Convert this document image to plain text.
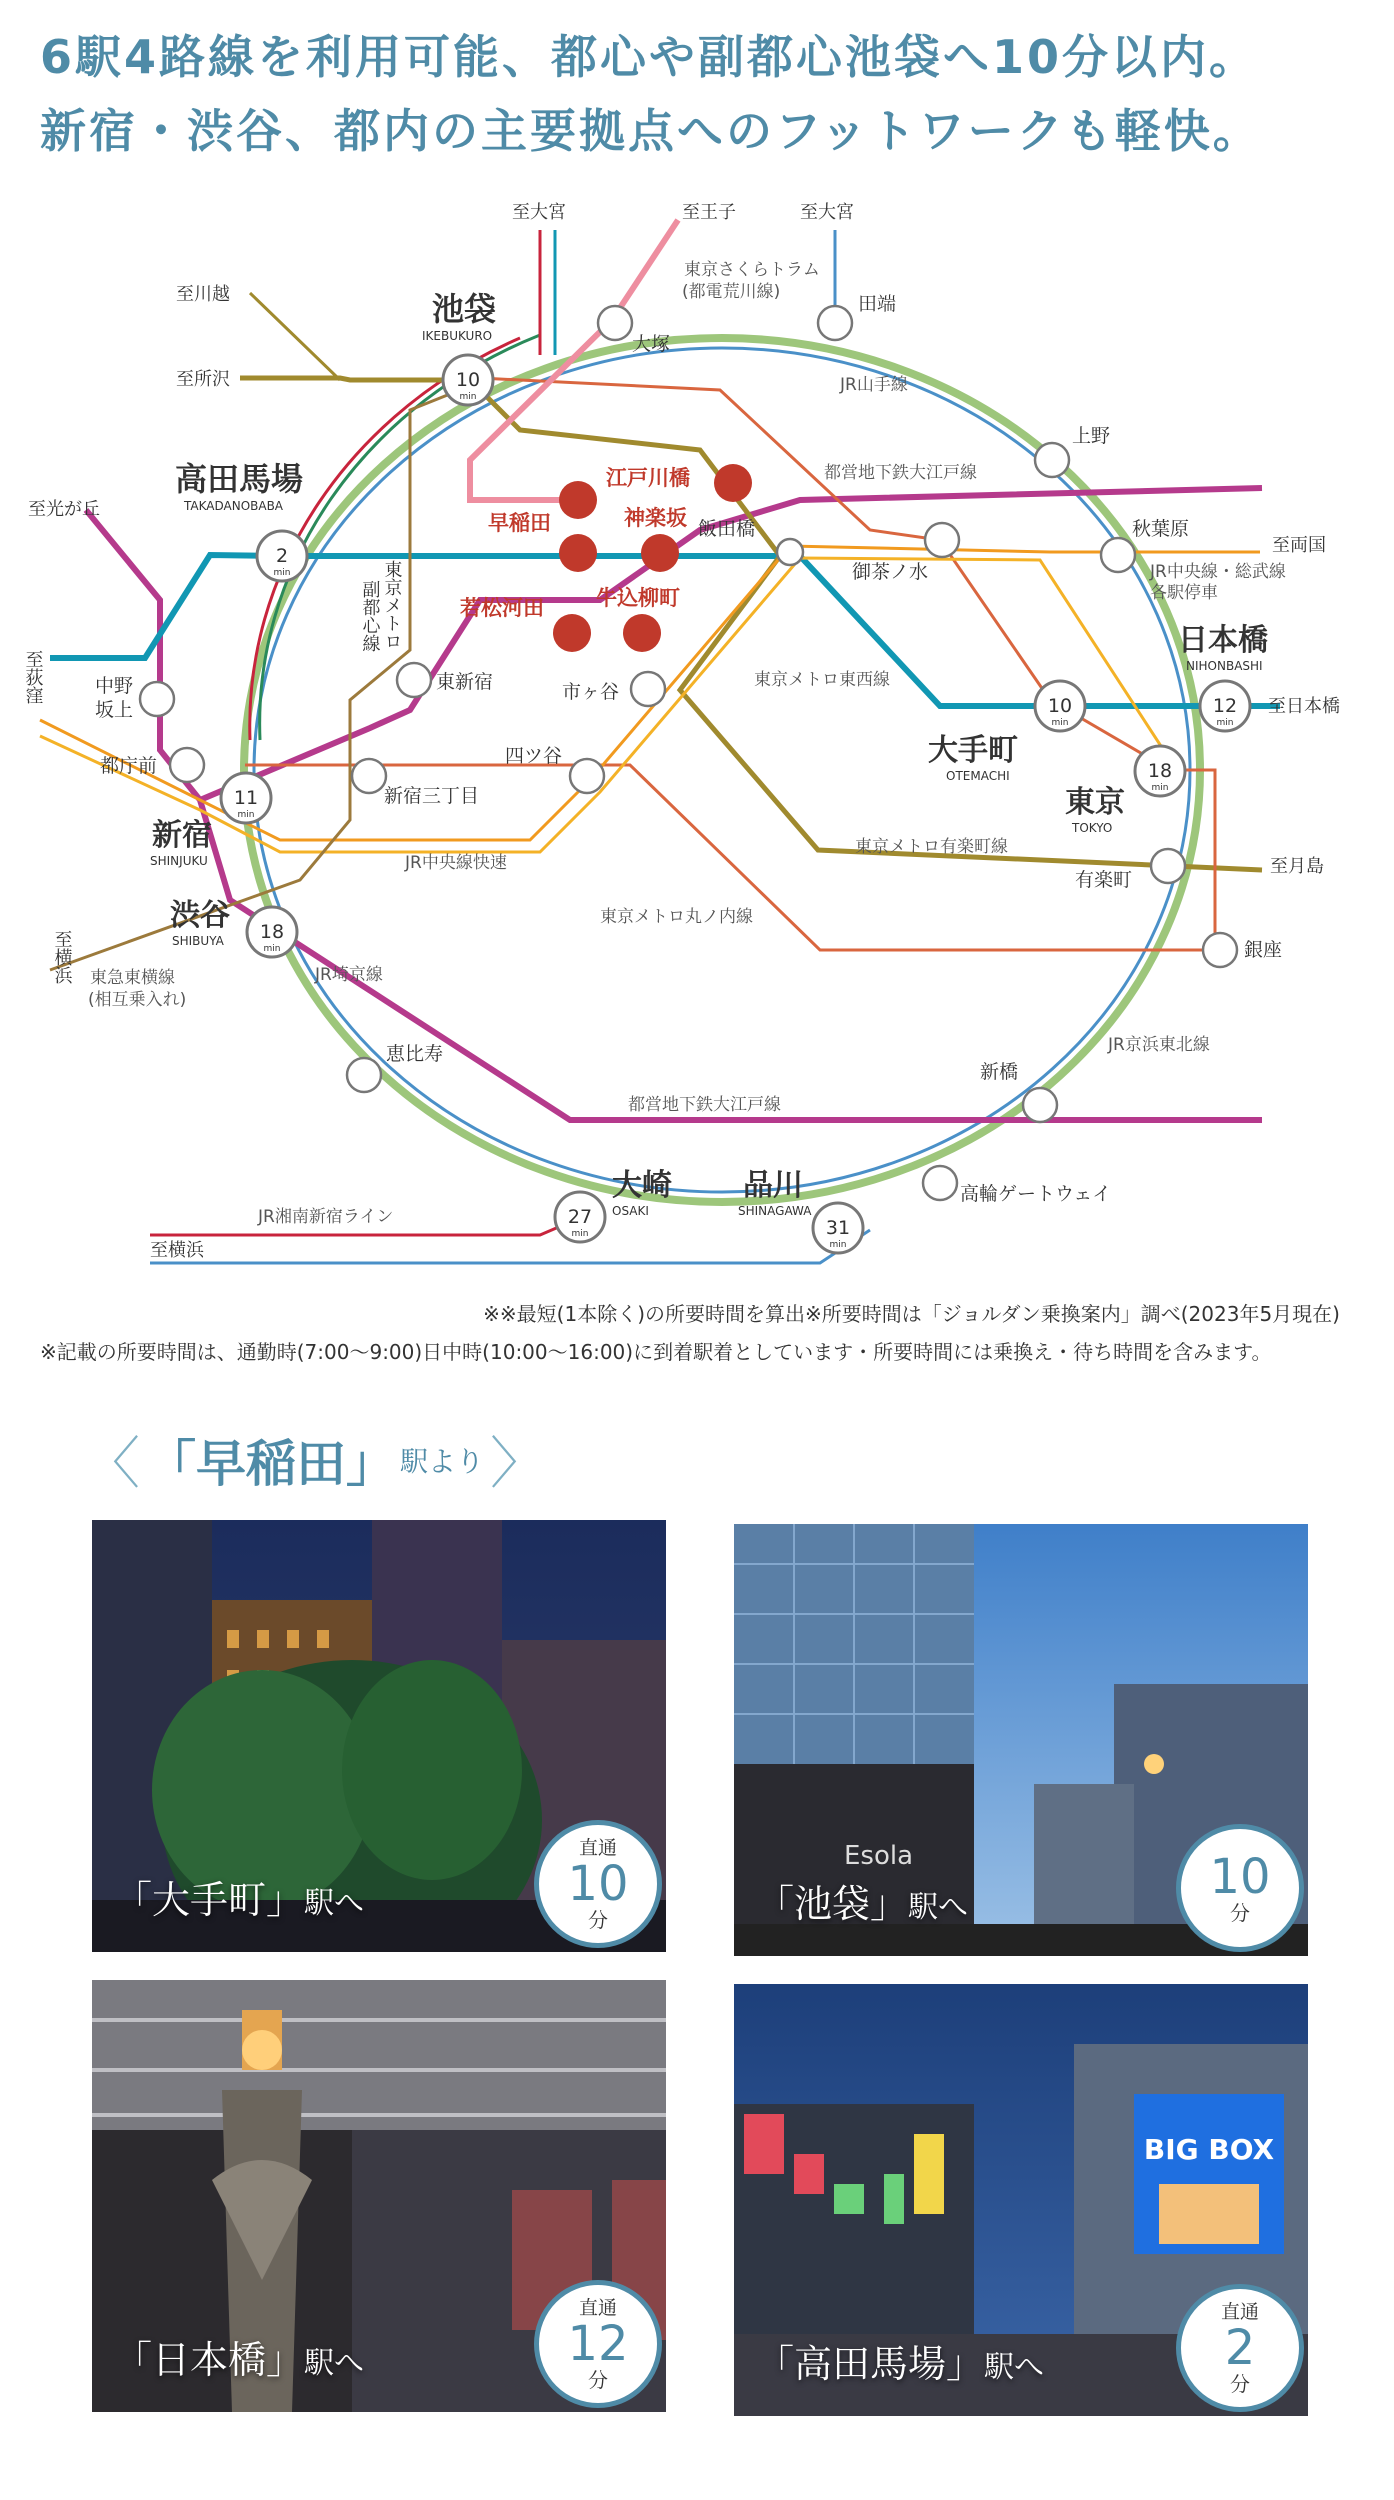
6駅4路線を利用可能、都心や副都心池袋へ10分以内。
新宿・渋谷、都内の主要拠点へのフットワークも軽快。
江戸川橋
早稲田	神楽坂
若松河田 牛込柳町
10
min
2
min
11
min
18
min
10
min
12
min
18
min
27
min	31
min
池袋
IKEBUKURO
高田馬場
TAKADANOBABA
新宿
SHINJUKU
渋谷
SHIBUYA
大手町
OTEMACHI
東京
TOKYO
日本橋
NIHONBASHI
大崎
OSAKI
品川
SHINAGAWA
大塚
田端
上野
秋葉原
飯田橋
御茶ノ水
市ヶ谷
四ツ谷
東新宿
新宿三丁目
中野
坂上
都庁前
有楽町
銀座
新橋
高輪ゲートウェイ
恵比寿
至大宮	至王子	至大宮
至川越
至所沢
至光が丘
至両国
至日本橋
至月島
至横浜
至荻窪
至横浜
東京メトロ
副都心線
東京さくらトラム
(都電荒川線)
JR山手線
都営地下鉄大江戸線
東京メトロ東西線
JR中央線・総武線
各駅停車
東京メトロ有楽町線
JR中央線快速
東京メトロ丸ノ内線
JR埼京線
東急東横線
(相互乗入れ)
JR京浜東北線
都営地下鉄大江戸線
JR湘南新宿ライン
※※最短(1本除く)の所要時間を算出※所要時間は「ジョルダン乗換案内」調べ(2023年5月現在)
※記載の所要時間は、通勤時(7:00〜9:00)日中時(10:00〜16:00)に到着駅着としています・所要時間には乗換え・待ち時間を含みます。
〈 「 早稲田 」 駅より 〉
「大手町」駅へ
直通
10
分
Esola
「池袋」駅へ
10
分
「日本橋」駅へ
直通
12
分
BIG BOX
「高田馬場」駅へ
直通
2
分
